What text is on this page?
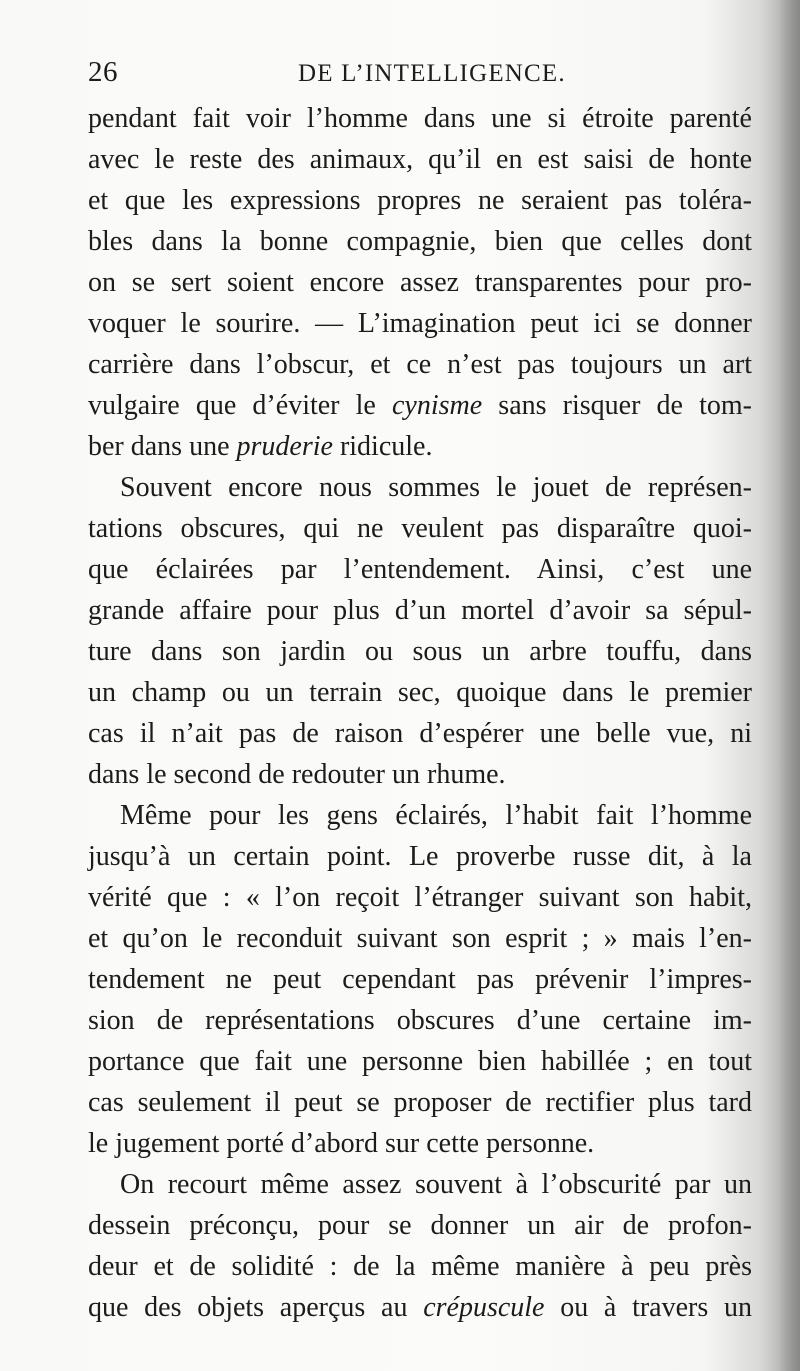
26	DE L’INTELLIGENCE.
pendant fait voir l’homme dans une si étroite parenté
avec le reste des animaux, qu’il en est saisi de honte
et que les expressions propres ne seraient pas toléra-
bles dans la bonne compagnie, bien que celles dont
on se sert soient encore assez transparentes pour pro-
voquer le sourire. — L’imagination peut ici se donner
carrière dans l’obscur, et ce n’est pas toujours un art
vulgaire que d’éviter le cynisme sans risquer de tom-
ber dans une pruderie ridicule.
Souvent encore nous sommes le jouet de représen-
tations obscures, qui ne veulent pas disparaître quoi-
que éclairées par l’entendement. Ainsi, c’est une
grande affaire pour plus d’un mortel d’avoir sa sépul-
ture dans son jardin ou sous un arbre touffu, dans
un champ ou un terrain sec, quoique dans le premier
cas il n’ait pas de raison d’espérer une belle vue, ni
dans le second de redouter un rhume.
Même pour les gens éclairés, l’habit fait l’homme
jusqu’à un certain point. Le proverbe russe dit, à la
vérité que : « l’on reçoit l’étranger suivant son habit,
et qu’on le reconduit suivant son esprit ; » mais l’en-
tendement ne peut cependant pas prévenir l’impres-
sion de représentations obscures d’une certaine im-
portance que fait une personne bien habillée ; en tout
cas seulement il peut se proposer de rectifier plus tard
le jugement porté d’abord sur cette personne.
On recourt même assez souvent à l’obscurité par un
dessein préconçu, pour se donner un air de profon-
deur et de solidité : de la même manière à peu près
que des objets aperçus au crépuscule ou à travers un
